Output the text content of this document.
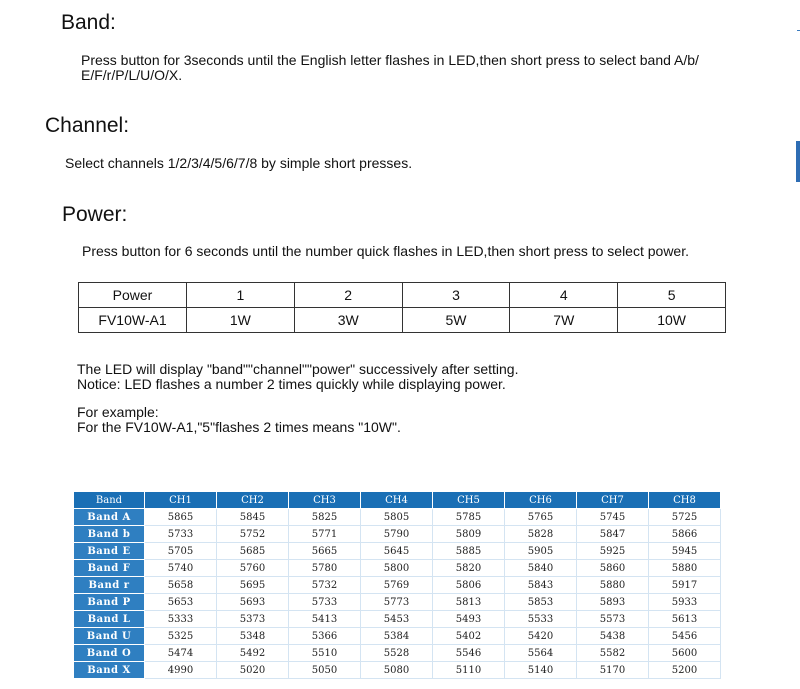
Band:

Press button for 3seconds until the English letter flashes in LED,then short press to select band A/b/
E/F/r/P/L/U/O/X.

Channel:

Select channels 1/2/3/4/5/6/7/8 by simple short presses.

Power:

Press button for 6 seconds until the number quick flashes in LED,then short press to select power.

Power	1	2	3	4	5
FV10W-A1	1W	3W	5W	7W	10W

The LED will display "band""channel""power" successively after setting.
Notice: LED flashes a number 2 times quickly while displaying power.

For example:
For the FV10W-A1,"5"flashes 2 times means "10W".

Band	CH1	CH2	CH3	CH4	CH5	CH6	CH7	CH8
Band A	5865	5845	5825	5805	5785	5765	5745	5725
Band b	5733	5752	5771	5790	5809	5828	5847	5866
Band E	5705	5685	5665	5645	5885	5905	5925	5945
Band F	5740	5760	5780	5800	5820	5840	5860	5880
Band r	5658	5695	5732	5769	5806	5843	5880	5917
Band P	5653	5693	5733	5773	5813	5853	5893	5933
Band L	5333	5373	5413	5453	5493	5533	5573	5613
Band U	5325	5348	5366	5384	5402	5420	5438	5456
Band O	5474	5492	5510	5528	5546	5564	5582	5600
Band X	4990	5020	5050	5080	5110	5140	5170	5200
